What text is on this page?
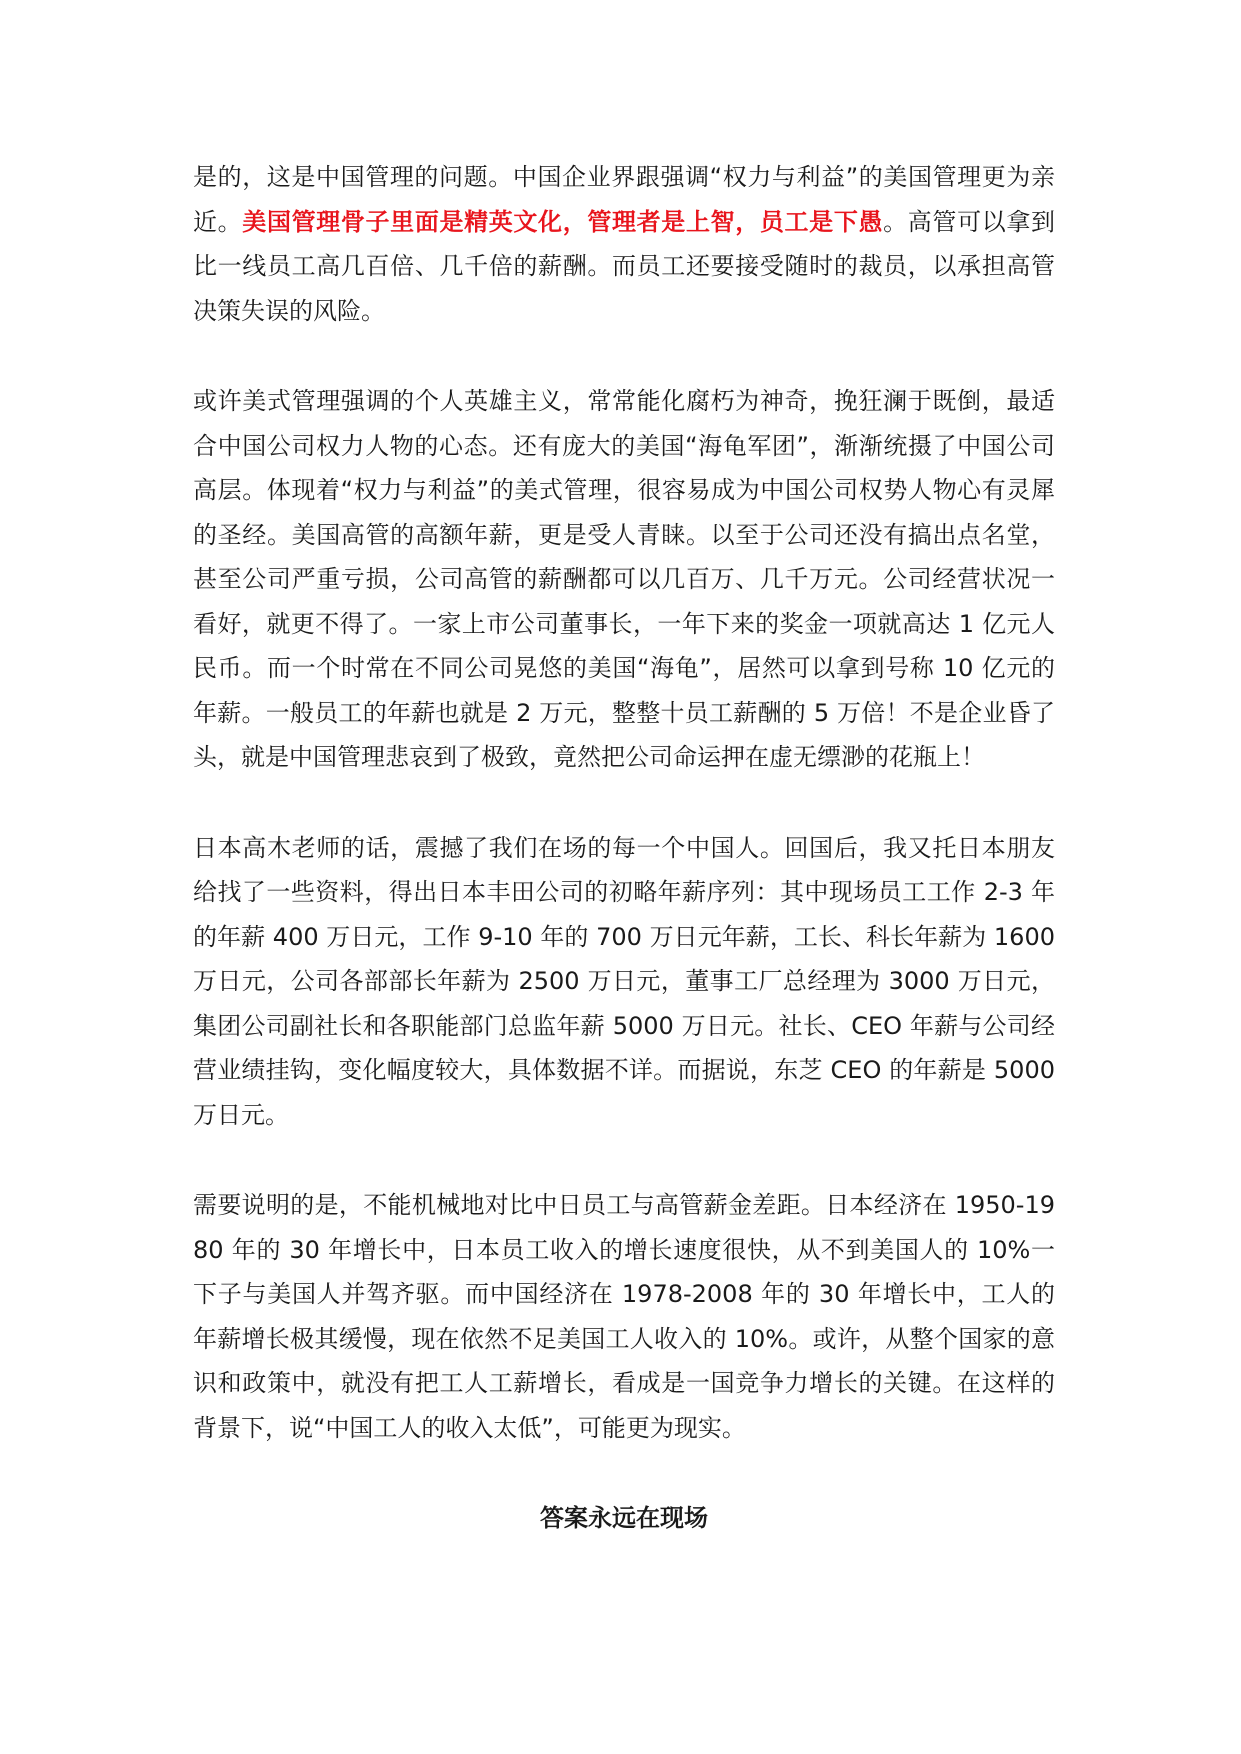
是的，这是中国管理的问题。中国企业界跟强调“权力与利益”的美国管理更为亲近。美国管理骨子里面是精英文化，管理者是上智，员工是下愚。高管可以拿到比一线员工高几百倍、几千倍的薪酬。而员工还要接受随时的裁员，以承担高管决策失误的风险。

或许美式管理强调的个人英雄主义，常常能化腐朽为神奇，挽狂澜于既倒，最适合中国公司权力人物的心态。还有庞大的美国“海龟军团”，渐渐统摄了中国公司高层。体现着“权力与利益”的美式管理，很容易成为中国公司权势人物心有灵犀的圣经。美国高管的高额年薪，更是受人青睐。以至于公司还没有搞出点名堂，甚至公司严重亏损，公司高管的薪酬都可以几百万、几千万元。公司经营状况一看好，就更不得了。一家上市公司董事长，一年下来的奖金一项就高达 1 亿元人民币。而一个时常在不同公司晃悠的美国“海龟”，居然可以拿到号称 10 亿元的年薪。一般员工的年薪也就是 2 万元，整整十员工薪酬的 5 万倍！不是企业昏了头，就是中国管理悲哀到了极致，竟然把公司命运押在虚无缥渺的花瓶上！

日本高木老师的话，震撼了我们在场的每一个中国人。回国后，我又托日本朋友给找了一些资料，得出日本丰田公司的初略年薪序列：其中现场员工工作 2-3 年的年薪 400 万日元，工作 9-10 年的 700 万日元年薪，工长、科长年薪为 1600 万日元，公司各部部长年薪为 2500 万日元，董事工厂总经理为 3000 万日元，集团公司副社长和各职能部门总监年薪 5000 万日元。社长、CEO 年薪与公司经营业绩挂钩，变化幅度较大，具体数据不详。而据说，东芝 CEO 的年薪是 5000 万日元。

需要说明的是，不能机械地对比中日员工与高管薪金差距。日本经济在 1950-1980 年的 30 年增长中，日本员工收入的增长速度很快，从不到美国人的 10%一下子与美国人并驾齐驱。而中国经济在 1978-2008 年的 30 年增长中，工人的年薪增长极其缓慢，现在依然不足美国工人收入的 10%。或许，从整个国家的意识和政策中，就没有把工人工薪增长，看成是一国竞争力增长的关键。在这样的背景下，说“中国工人的收入太低”，可能更为现实。

答案永远在现场
